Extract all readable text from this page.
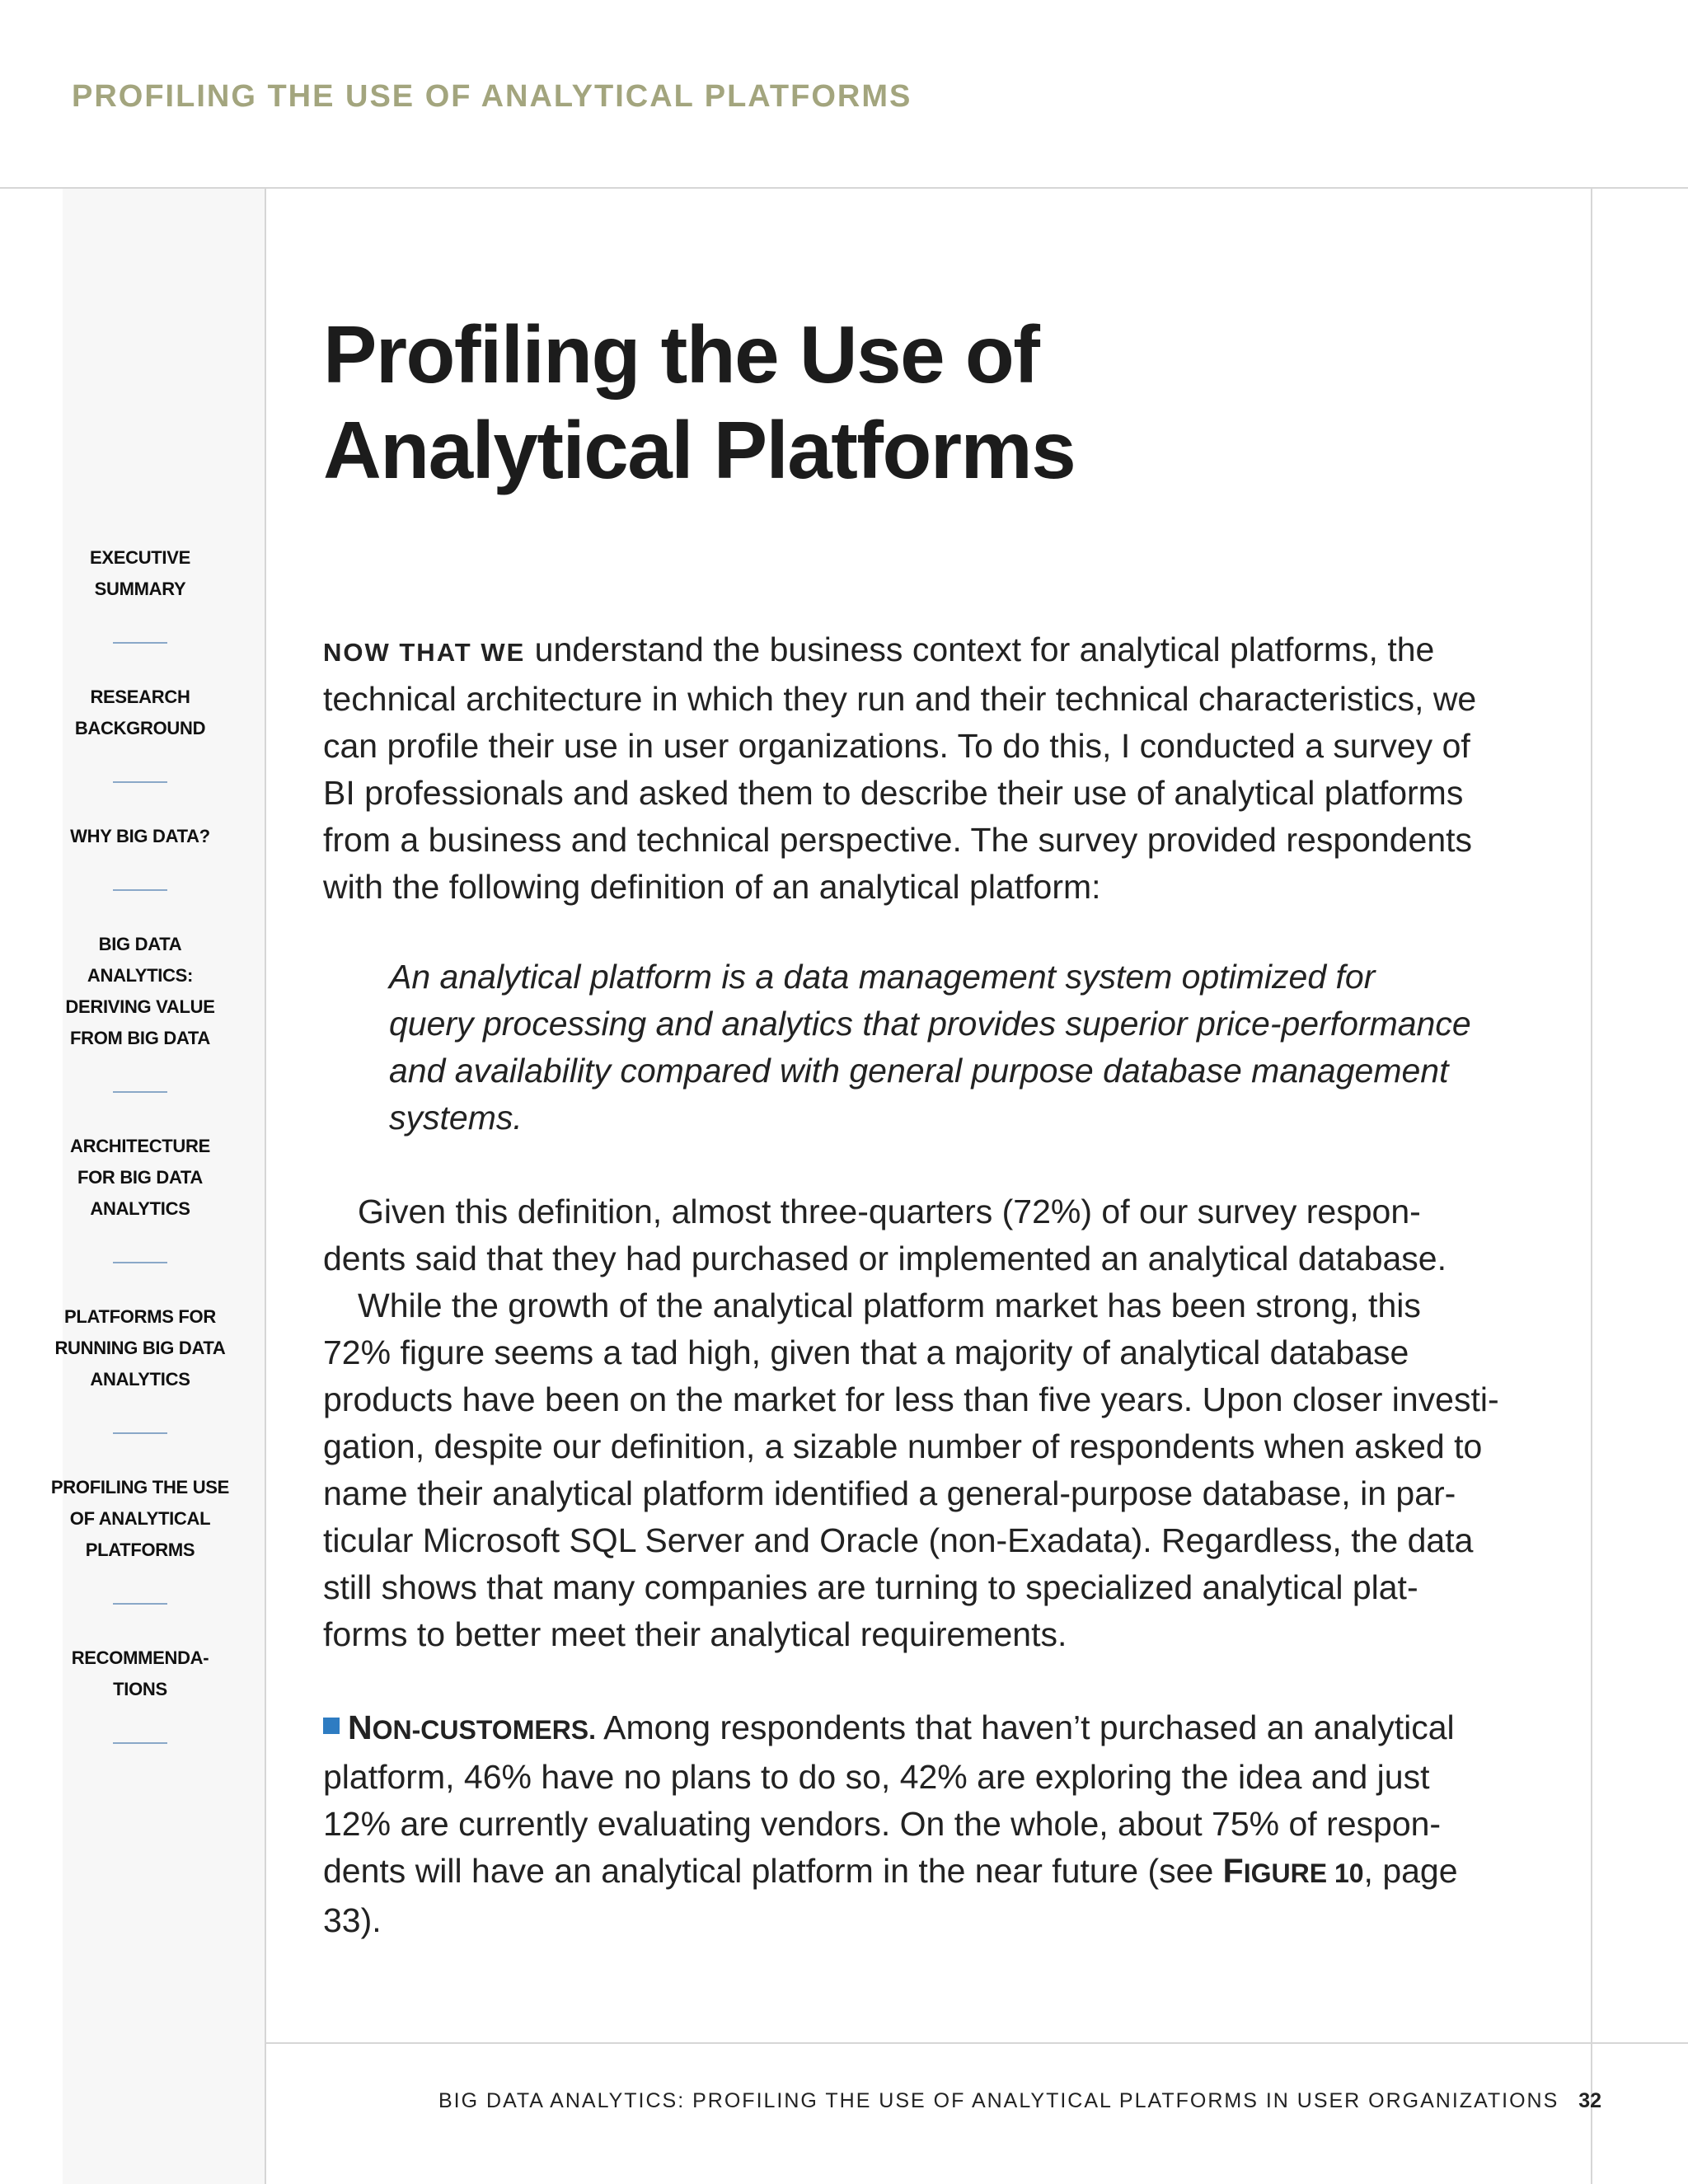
PROFILING THE USE OF ANALYTICAL PLATFORMS
EXECUTIVE
SUMMARY
RESEARCH
BACKGROUND
WHY BIG DATA?
BIG DATA
ANALYTICS:
DERIVING VALUE
FROM BIG DATA
ARCHITECTURE
FOR BIG DATA
ANALYTICS
PLATFORMS FOR
RUNNING BIG DATA
ANALYTICS
PROFILING THE USE
OF ANALYTICAL
PLATFORMS
RECOMMENDA-
TIONS
Profiling the Use of
Analytical Platforms
NOW THAT WE understand the business context for analytical platforms, the
technical architecture in which they run and their technical characteristics, we
can profile their use in user organizations. To do this, I conducted a survey of
BI professionals and asked them to describe their use of analytical platforms
from a business and technical perspective. The survey provided respondents
with the following definition of an analytical platform:
An analytical platform is a data management system optimized for
query processing and analytics that provides superior price-performance
and availability compared with general purpose database management
systems.
Given this definition, almost three-quarters (72%) of our survey respon-
dents said that they had purchased or implemented an analytical database.
While the growth of the analytical platform market has been strong, this
72% figure seems a tad high, given that a majority of analytical database
products have been on the market for less than five years. Upon closer investi-
gation, despite our definition, a sizable number of respondents when asked to
name their analytical platform identified a general-purpose database, in par-
ticular Microsoft SQL Server and Oracle (non-Exadata). Regardless, the data
still shows that many companies are turning to specialized analytical plat-
forms to better meet their analytical requirements.
NON-CUSTOMERS. Among respondents that haven’t purchased an analytical
platform, 46% have no plans to do so, 42% are exploring the idea and just
12% are currently evaluating vendors. On the whole, about 75% of respon-
dents will have an analytical platform in the near future (see FIGURE 10, page
33).
BIG DATA ANALYTICS: PROFILING THE USE OF ANALYTICAL PLATFORMS IN USER ORGANIZATIONS 32
